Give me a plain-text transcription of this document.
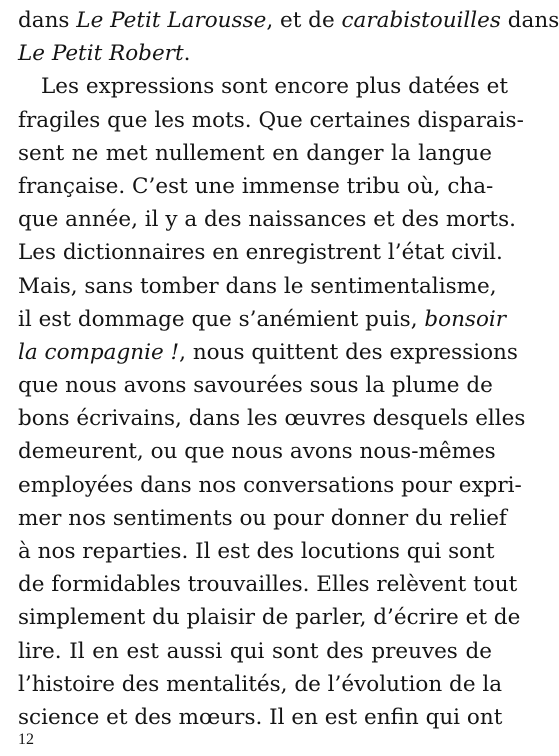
dans Le Petit Larousse, et de carabistouilles dans
Le Petit Robert.
Les expressions sont encore plus datées et
fragiles que les mots. Que certaines disparais-
sent ne met nullement en danger la langue
française. C’est une immense tribu où, cha-
que année, il y a des naissances et des morts.
Les dictionnaires en enregistrent l’état civil.
Mais, sans tomber dans le sentimentalisme,
il est dommage que s’anémient puis, bonsoir
la compagnie !, nous quittent des expressions
que nous avons savourées sous la plume de
bons écrivains, dans les œuvres desquels elles
demeurent, ou que nous avons nous-mêmes
employées dans nos conversations pour expri-
mer nos sentiments ou pour donner du relief
à nos reparties. Il est des locutions qui sont
de formidables trouvailles. Elles relèvent tout
simplement du plaisir de parler, d’écrire et de
lire. Il en est aussi qui sont des preuves de
l’histoire des mentalités, de l’évolution de la
science et des mœurs. Il en est enfin qui ont
12
